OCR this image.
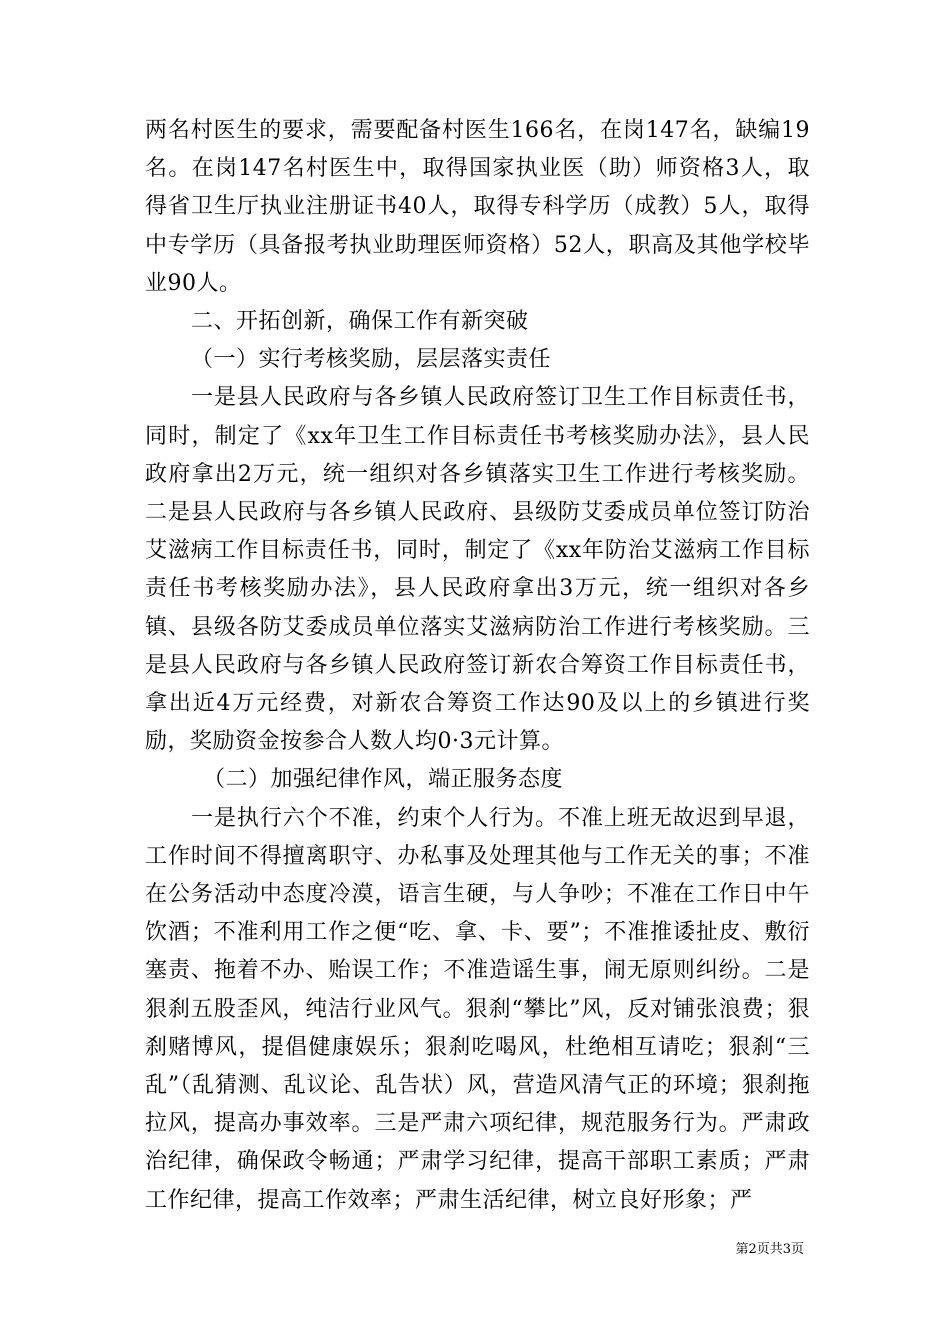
两名村医生的要求，需要配备村医生166名，在岗147名，缺编19名。在岗147名村医生中，取得国家执业医（助）师资格3人，取得省卫生厅执业注册证书40人，取得专科学历（成教）5人，取得中专学历（具备报考执业助理医师资格）52人，职高及其他学校毕业90人。

二、开拓创新，确保工作有新突破

（一）实行考核奖励，层层落实责任

一是县人民政府与各乡镇人民政府签订卫生工作目标责任书，同时，制定了《xx年卫生工作目标责任书考核奖励办法》，县人民政府拿出2万元，统一组织对各乡镇落实卫生工作进行考核奖励。二是县人民政府与各乡镇人民政府、县级防艾委成员单位签订防治艾滋病工作目标责任书，同时，制定了《xx年防治艾滋病工作目标责任书考核奖励办法》，县人民政府拿出3万元，统一组织对各乡镇、县级各防艾委成员单位落实艾滋病防治工作进行考核奖励。三是县人民政府与各乡镇人民政府签订新农合筹资工作目标责任书，拿出近4万元经费，对新农合筹资工作达90及以上的乡镇进行奖励，奖励资金按参合人数人均0·3元计算。

（二）加强纪律作风，端正服务态度

一是执行六个不准，约束个人行为。不准上班无故迟到早退，工作时间不得擅离职守、办私事及处理其他与工作无关的事；不准在公务活动中态度冷漠，语言生硬，与人争吵；不准在工作日中午饮酒；不准利用工作之便“吃、拿、卡、要”；不准推诿扯皮、敷衍塞责、拖着不办、贻误工作；不准造谣生事，闹无原则纠纷。二是狠刹五股歪风，纯洁行业风气。狠刹“攀比”风，反对铺张浪费；狠刹赌博风，提倡健康娱乐；狠刹吃喝风，杜绝相互请吃；狠刹“三乱”（乱猜测、乱议论、乱告状）风，营造风清气正的环境；狠刹拖拉风，提高办事效率。三是严肃六项纪律，规范服务行为。严肃政治纪律，确保政令畅通；严肃学习纪律，提高干部职工素质；严肃工作纪律，提高工作效率；严肃生活纪律，树立良好形象；严

第2页共3页
